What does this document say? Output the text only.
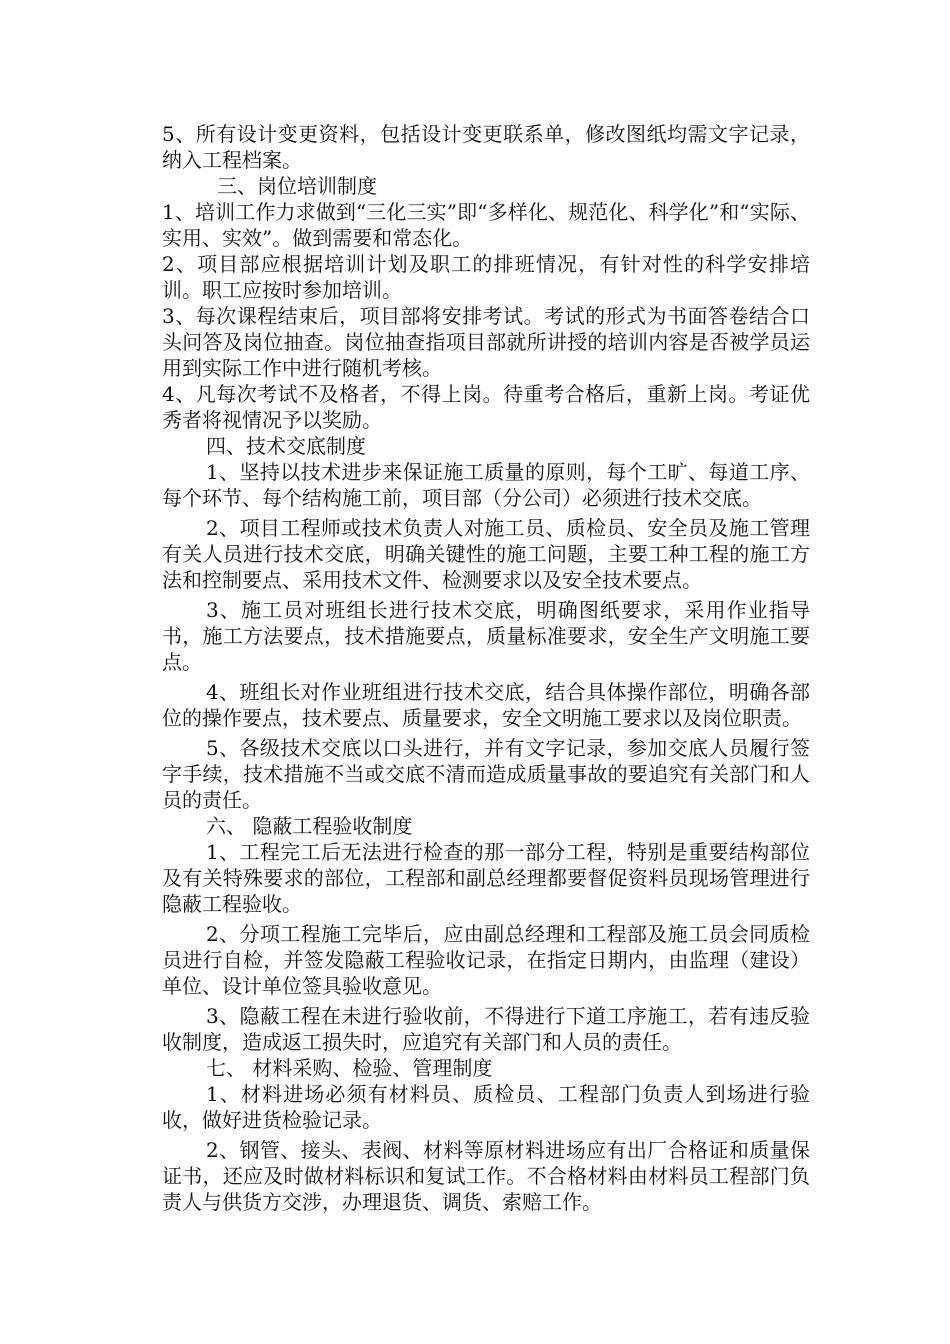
5、所有设计变更资料，包括设计变更联系单，修改图纸均需文字记录，纳入工程档案。

三、岗位培训制度

1、培训工作力求做到“三化三实”即“多样化、规范化、科学化”和“实际、实用、实效”。做到需要和常态化。

2、项目部应根据培训计划及职工的排班情况，有针对性的科学安排培训。职工应按时参加培训。

3、每次课程结束后，项目部将安排考试。考试的形式为书面答卷结合口头问答及岗位抽查。岗位抽查指项目部就所讲授的培训内容是否被学员运用到实际工作中进行随机考核。

4、凡每次考试不及格者，不得上岗。待重考合格后，重新上岗。考证优秀者将视情况予以奖励。

四、技术交底制度

1、坚持以技术进步来保证施工质量的原则，每个工旷、每道工序、每个环节、每个结构施工前，项目部（分公司）必须进行技术交底。

2、项目工程师或技术负责人对施工员、质检员、安全员及施工管理有关人员进行技术交底，明确关键性的施工问题，主要工种工程的施工方法和控制要点、采用技术文件、检测要求以及安全技术要点。

3、施工员对班组长进行技术交底，明确图纸要求，采用作业指导书，施工方法要点，技术措施要点，质量标准要求，安全生产文明施工要点。

4、班组长对作业班组进行技术交底，结合具体操作部位，明确各部位的操作要点，技术要点、质量要求，安全文明施工要求以及岗位职责。

5、各级技术交底以口头进行，并有文字记录，参加交底人员履行签字手续，技术措施不当或交底不清而造成质量事故的要追究有关部门和人员的责任。

六、 隐蔽工程验收制度

1、工程完工后无法进行检查的那一部分工程，特别是重要结构部位及有关特殊要求的部位，工程部和副总经理都要督促资料员现场管理进行隐蔽工程验收。

2、分项工程施工完毕后，应由副总经理和工程部及施工员会同质检员进行自检，并签发隐蔽工程验收记录，在指定日期内，由监理（建设）单位、设计单位签具验收意见。

3、隐蔽工程在未进行验收前，不得进行下道工序施工，若有违反验收制度，造成返工损失时，应追究有关部门和人员的责任。

七、 材料采购、检验、管理制度

1、材料进场必须有材料员、质检员、工程部门负责人到场进行验收，做好进货检验记录。

2、钢管、接头、表阀、材料等原材料进场应有出厂合格证和质量保证书，还应及时做材料标识和复试工作。不合格材料由材料员工程部门负责人与供货方交涉，办理退货、调货、索赔工作。
